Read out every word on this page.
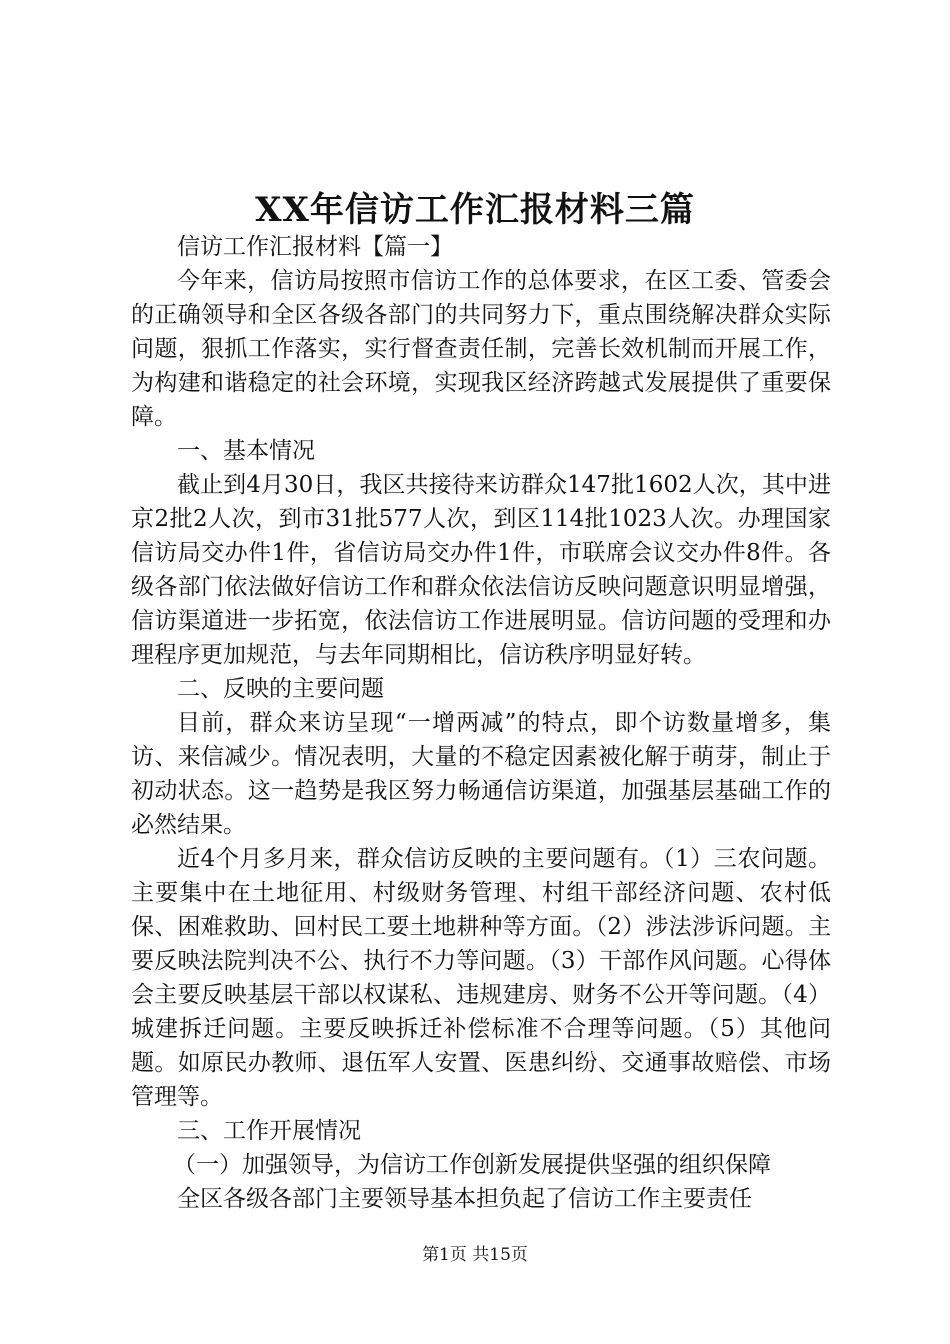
XX年信访工作汇报材料三篇

信访工作汇报材料【篇一】

今年来，信访局按照市信访工作的总体要求，在区工委、管委会的正确领导和全区各级各部门的共同努力下，重点围绕解决群众实际问题，狠抓工作落实，实行督查责任制，完善长效机制而开展工作，为构建和谐稳定的社会环境，实现我区经济跨越式发展提供了重要保障。

一、基本情况

截止到4月30日，我区共接待来访群众147批1602人次，其中进京2批2人次，到市31批577人次，到区114批1023人次。办理国家信访局交办件1件，省信访局交办件1件，市联席会议交办件8件。各级各部门依法做好信访工作和群众依法信访反映问题意识明显增强，信访渠道进一步拓宽，依法信访工作进展明显。信访问题的受理和办理程序更加规范，与去年同期相比，信访秩序明显好转。

二、反映的主要问题

目前，群众来访呈现“一增两减”的特点，即个访数量增多，集访、来信减少。情况表明，大量的不稳定因素被化解于萌芽，制止于初动状态。这一趋势是我区努力畅通信访渠道，加强基层基础工作的必然结果。

近4个月多月来，群众信访反映的主要问题有。（1）三农问题。主要集中在土地征用、村级财务管理、村组干部经济问题、农村低保、困难救助、回村民工要土地耕种等方面。（2）涉法涉诉问题。主要反映法院判决不公、执行不力等问题。（3）干部作风问题。心得体会主要反映基层干部以权谋私、违规建房、财务不公开等问题。（4）城建拆迁问题。主要反映拆迁补偿标准不合理等问题。（5）其他问题。如原民办教师、退伍军人安置、医患纠纷、交通事故赔偿、市场管理等。

三、工作开展情况

（一）加强领导，为信访工作创新发展提供坚强的组织保障

全区各级各部门主要领导基本担负起了信访工作主要责任

第1页 共15页
